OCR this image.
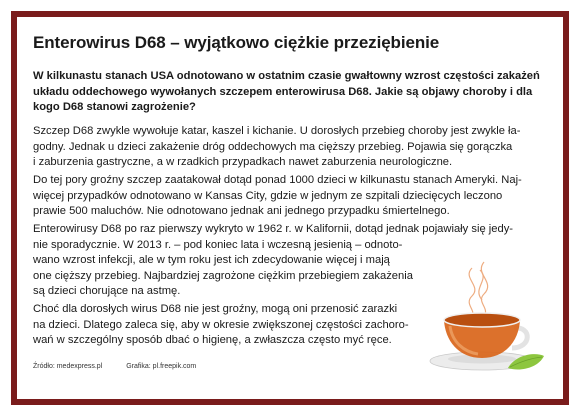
Enterowirus D68 – wyjątkowo ciężkie przeziębienie
W kilkunastu stanach USA odnotowano w ostatnim czasie gwałtowny wzrost częstości zakażeń
układu oddechowego wywołanych szczepem enterowirusa D68. Jakie są objawy choroby i dla
kogo D68 stanowi zagrożenie?

Szczep D68 zwykle wywołuje katar, kaszel i kichanie. U dorosłych przebieg choroby jest zwykle ła-
godny. Jednak u dzieci zakażenie dróg oddechowych ma cięższy przebieg. Pojawia się gorączka
i zaburzenia gastryczne, a w rzadkich przypadkach nawet zaburzenia neurologiczne.

Do tej pory groźny szczep zaatakował dotąd ponad 1000 dzieci w kilkunastu stanach Ameryki. Naj-
więcej przypadków odnotowano w Kansas City, gdzie w jednym ze szpitali dziecięcych leczono
prawie 500 maluchów. Nie odnotowano jednak ani jednego przypadku śmiertelnego.

Enterowirusy D68 po raz pierwszy wykryto w 1962 r. w Kalifornii, dotąd jednak pojawiały się jedy-
nie sporadycznie. W 2013 r. – pod koniec lata i wczesną jesienią – odnoto-
wano wzrost infekcji, ale w tym roku jest ich zdecydowanie więcej i mają
one cięższy przebieg. Najbardziej zagrożone ciężkim przebiegiem zakażenia
są dzieci chorujące na astmę.

Choć dla dorosłych wirus D68 nie jest groźny, mogą oni przenosić zarazki
na dzieci. Dlatego zaleca się, aby w okresie zwiększonej częstości zachoro-
wań w szczególny sposób dbać o higienę, a zwłaszcza często myć ręce.

Źródło: medexpress.pl	Grafika: pl.freepik.com
